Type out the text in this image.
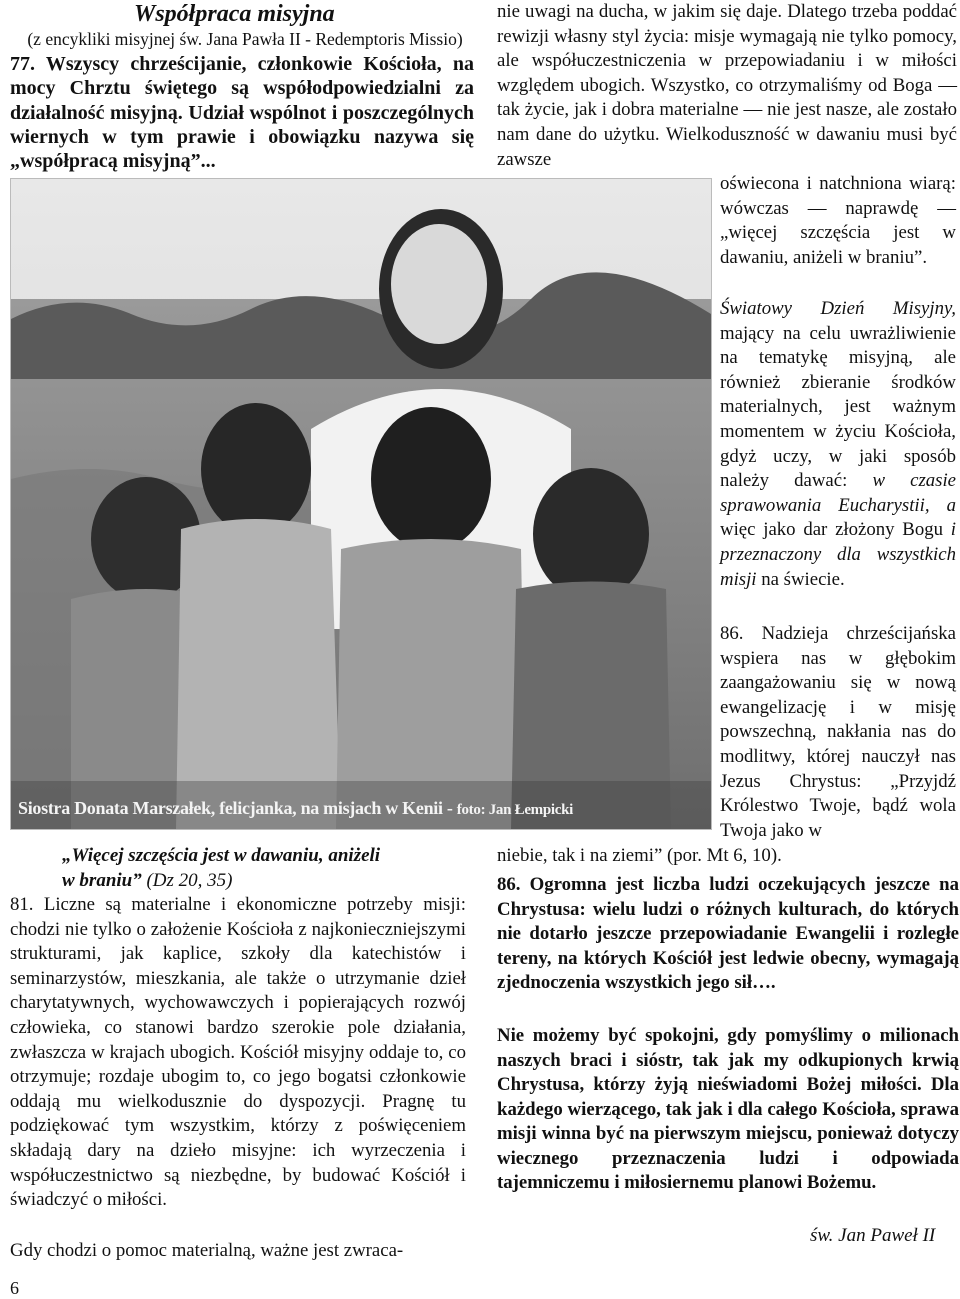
Współpraca misyjna
(z encykliki misyjnej św. Jana Pawła II - Redemptoris Missio)
77. Wszyscy chrześcijanie, członkowie Kościoła, na mocy Chrztu świętego są współodpowiedzialni za działalność misyjną. Udział wspólnot i poszczególnych wiernych w tym prawie i obowiązku nazywa się „współpracą misyjną”...
Siostra Donata Marszałek, felicjanka, na misjach w Kenii - foto: Jan Łempicki
„Więcej szczęścia jest w dawaniu, aniżeli w braniu” (Dz 20, 35)
81. Liczne są materialne i ekonomiczne potrzeby misji: chodzi nie tylko o założenie Kościoła z najkonieczniejszymi strukturami, jak kaplice, szkoły dla katechistów i seminarzystów, mieszkania, ale także o utrzymanie dzieł charytatywnych, wychowawczych i popierających rozwój człowieka, co stanowi bardzo szerokie pole działania, zwłaszcza w krajach ubogich. Kościół misyjny oddaje to, co otrzymuje; rozdaje ubogim to, co jego bogatsi członkowie oddają mu wielkodusznie do dyspozycji. Pragnę tu podziękować tym wszystkim, którzy z poświęceniem składają dary na dzieło misyjne: ich wyrzeczenia i współuczestnictwo są niezbędne, by budować Kościół i świadczyć o miłości.
Gdy chodzi o pomoc materialną, ważne jest zwraca-
6
nie uwagi na ducha, w jakim się daje. Dlatego trzeba poddać rewizji własny styl życia: misje wymagają nie tylko pomocy, ale współuczestniczenia w przepowiadaniu i w miłości względem ubogich. Wszystko, co otrzymaliśmy od Boga — tak życie, jak i dobra materialne — nie jest nasze, ale zostało nam dane do użytku. Wielkoduszność w dawaniu musi być zawsze
oświecona i natchniona wiarą: wówczas — naprawdę — „więcej szczęścia jest w dawaniu, aniżeli w braniu”.
Światowy Dzień Misyjny, mający na celu uwrażliwienie na tematykę misyjną, ale również zbieranie środków materialnych, jest ważnym momentem w życiu Kościoła, gdyż uczy, w jaki sposób należy dawać: w czasie sprawowania Eucharystii, a więc jako dar złożony Bogu i przeznaczony dla wszystkich misji na świecie.
86. Nadzieja chrześcijańska wspiera nas w głębokim zaangażowaniu się w nową ewangelizację i w misję powszechną, nakłania nas do modlitwy, której nauczył nas Jezus Chrystus: „Przyjdź Królestwo Twoje, bądź wola Twoja jako w
niebie, tak i na ziemi” (por. Mt 6, 10).
86. Ogromna jest liczba ludzi oczekujących jeszcze na Chrystusa: wielu ludzi o różnych kulturach, do których nie dotarło jeszcze przepowiadanie Ewangelii i rozległe tereny, na których Kościół jest ledwie obecny, wymagają zjednoczenia wszystkich jego sił….
Nie możemy być spokojni, gdy pomyślimy o milionach naszych braci i sióstr, tak jak my odkupionych krwią Chrystusa, którzy żyją nieświadomi Bożej miłości. Dla każdego wierzącego, tak jak i dla całego Kościoła, sprawa misji winna być na pierwszym miejscu, ponieważ dotyczy wiecznego przeznaczenia ludzi i odpowiada tajemniczemu i miłosiernemu planowi Bożemu.
św. Jan Paweł II
